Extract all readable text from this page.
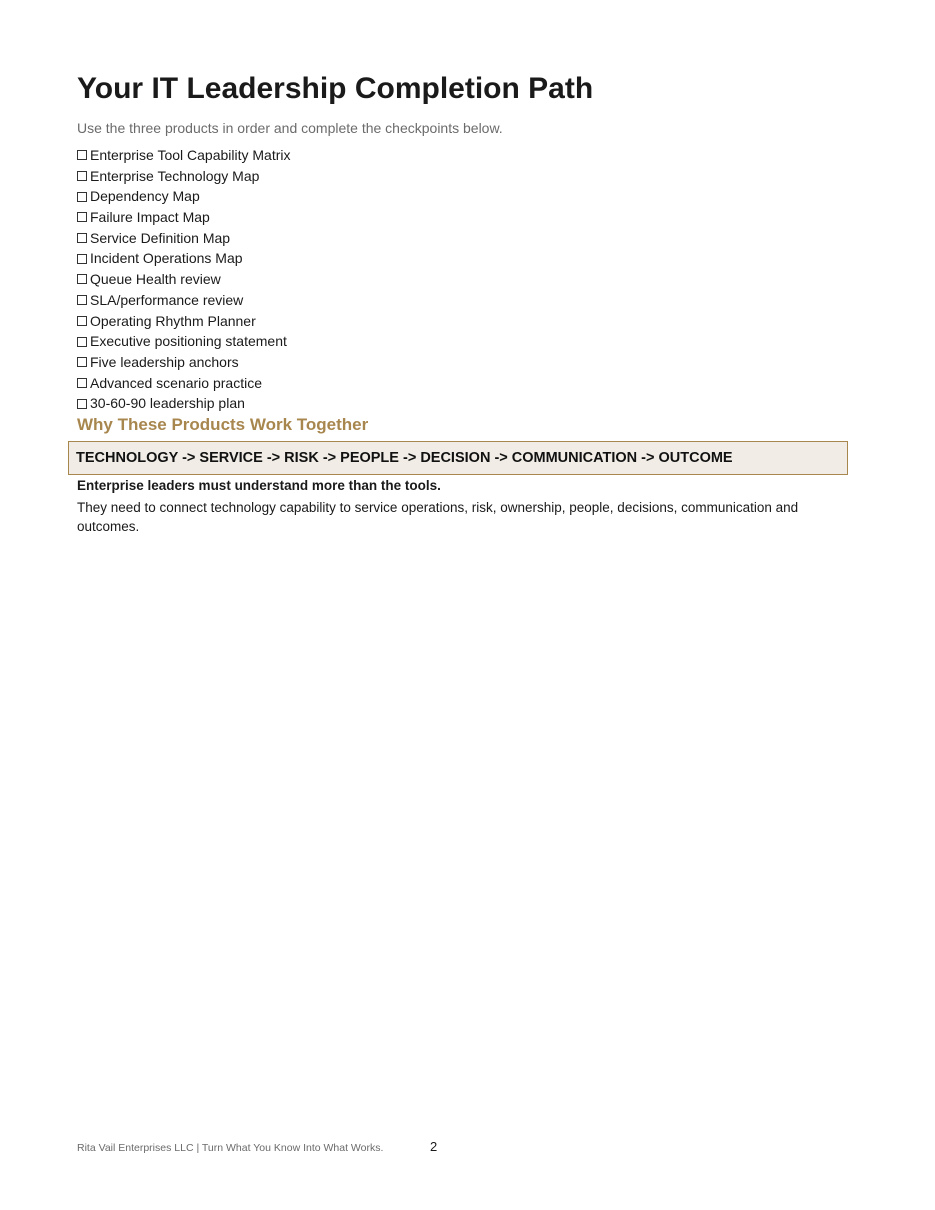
Your IT Leadership Completion Path

Use the three products in order and complete the checkpoints below.

Enterprise Tool Capability Matrix
Enterprise Technology Map
Dependency Map
Failure Impact Map
Service Definition Map
Incident Operations Map
Queue Health review
SLA/performance review
Operating Rhythm Planner
Executive positioning statement
Five leadership anchors
Advanced scenario practice
30-60-90 leadership plan
Why These Products Work Together
TECHNOLOGY -> SERVICE -> RISK -> PEOPLE -> DECISION -> COMMUNICATION -> OUTCOME

Enterprise leaders must understand more than the tools.

They need to connect technology capability to service operations, risk, ownership, people, decisions, communication and outcomes.

Rita Vail Enterprises LLC | Turn What You Know Into What Works.	2
